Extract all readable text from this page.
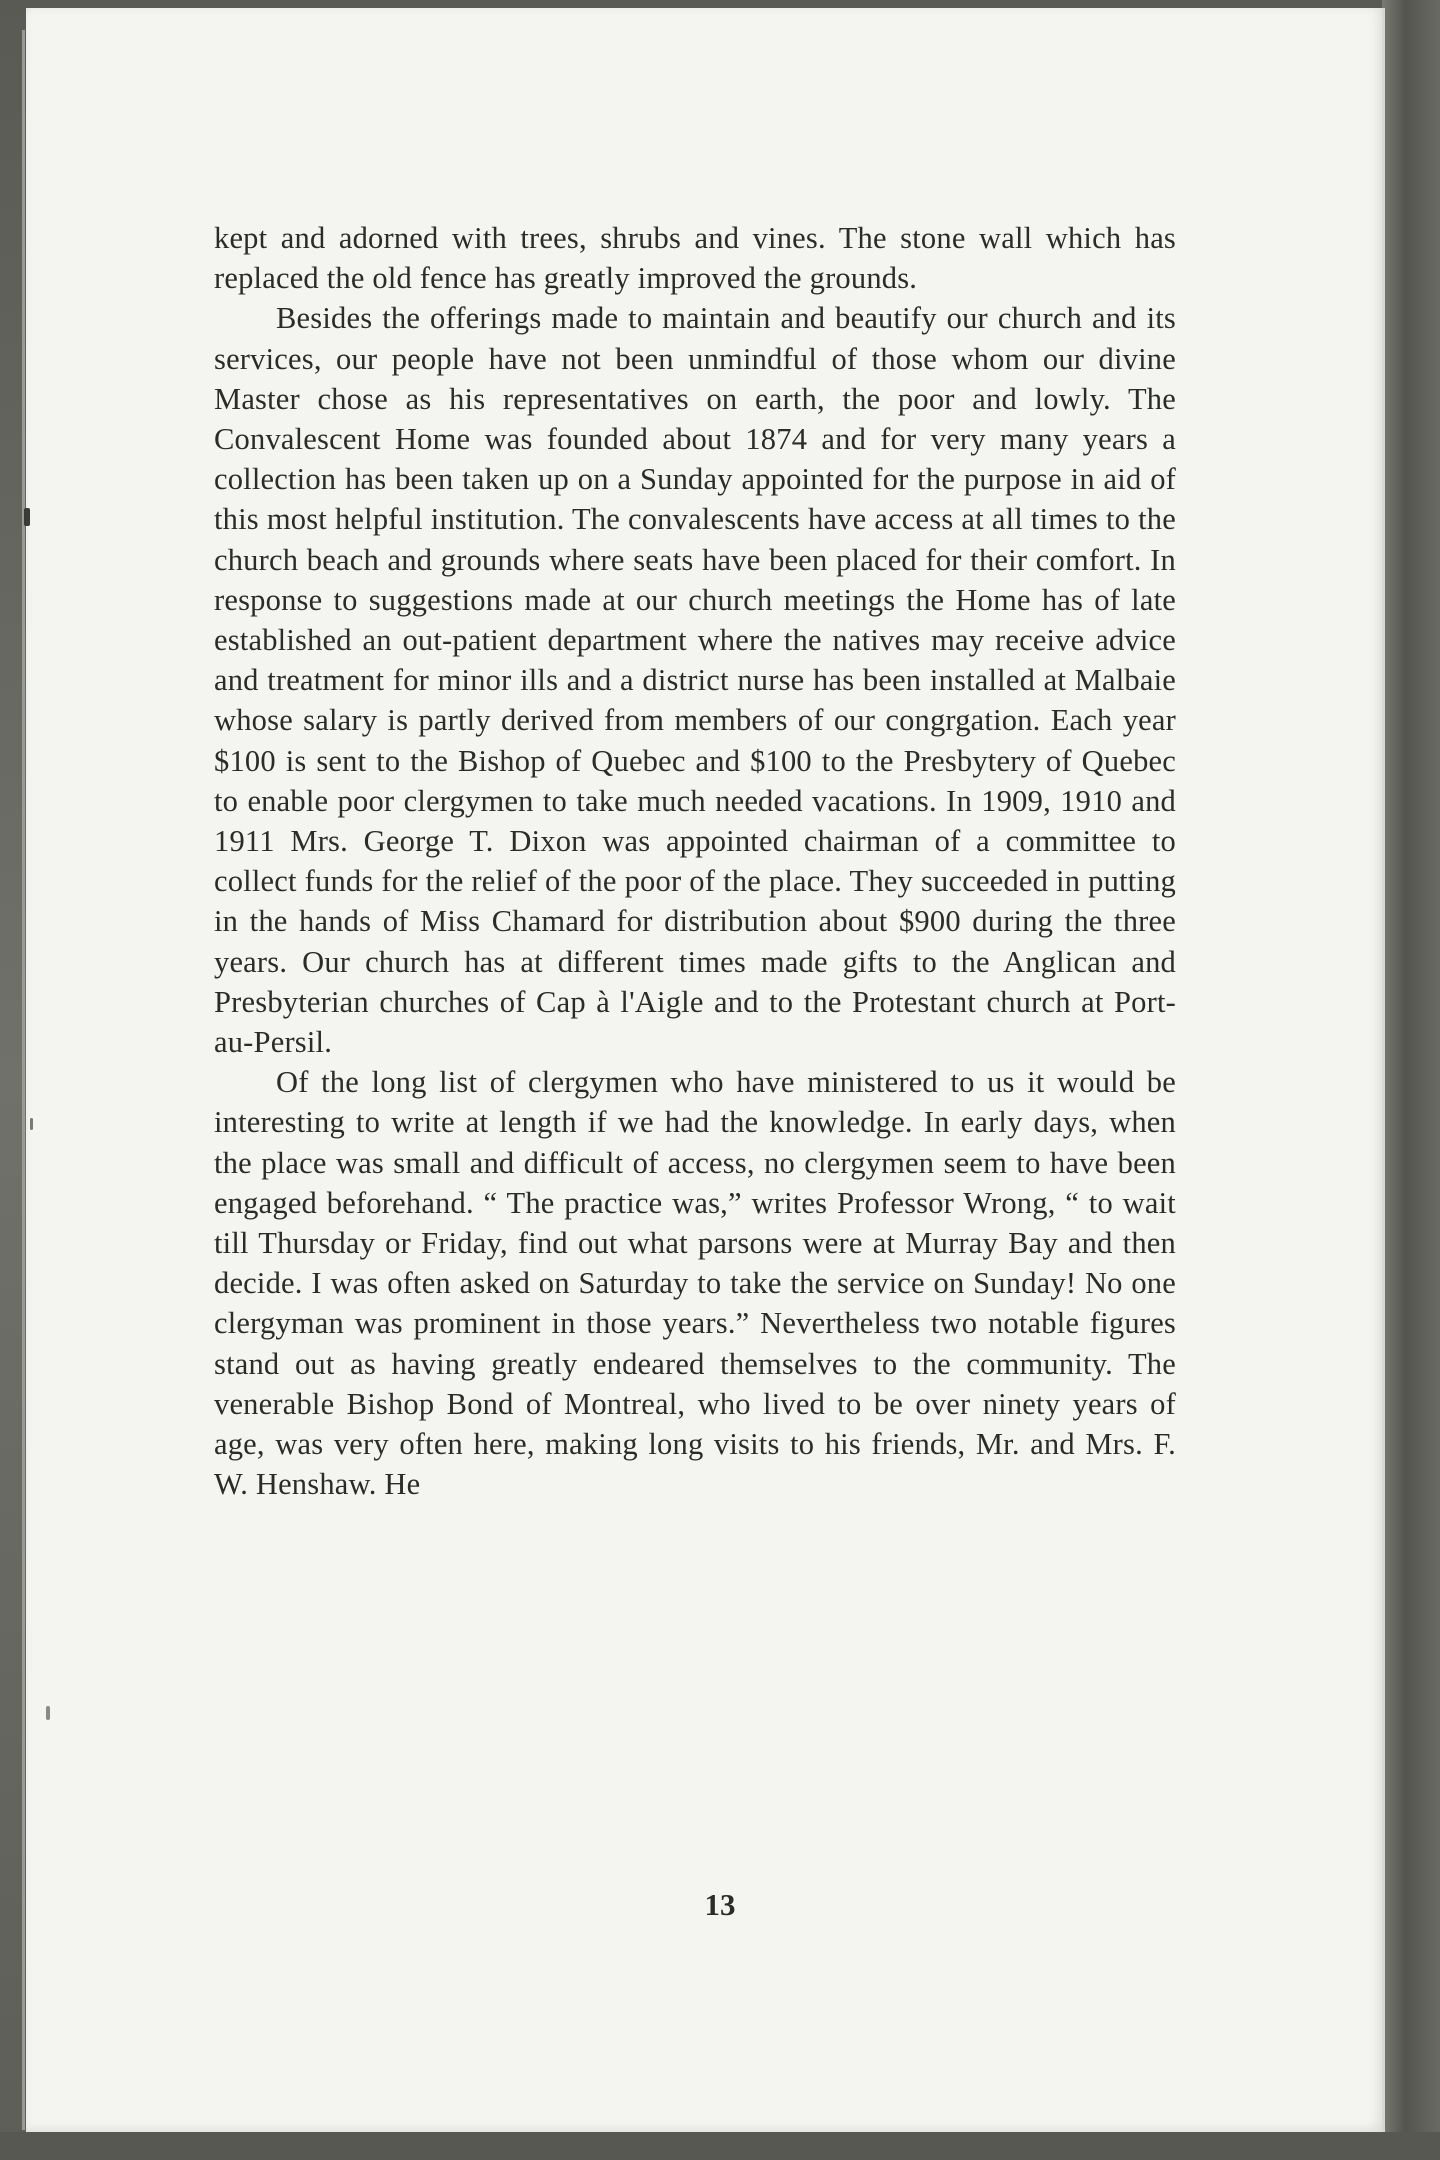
kept and adorned with trees, shrubs and vines. The stone wall which has replaced the old fence has greatly improved the grounds.

Besides the offerings made to maintain and beautify our church and its services, our people have not been unmindful of those whom our divine Master chose as his representatives on earth, the poor and lowly. The Convalescent Home was founded about 1874 and for very many years a collection has been taken up on a Sunday appointed for the purpose in aid of this most helpful institution. The convalescents have access at all times to the church beach and grounds where seats have been placed for their comfort. In response to suggestions made at our church meetings the Home has of late established an out-patient department where the natives may receive advice and treatment for minor ills and a district nurse has been installed at Malbaie whose salary is partly derived from members of our congrgation. Each year $100 is sent to the Bishop of Quebec and $100 to the Presbytery of Quebec to enable poor clergymen to take much needed vacations. In 1909, 1910 and 1911 Mrs. George T. Dixon was appointed chairman of a committee to collect funds for the relief of the poor of the place. They succeeded in putting in the hands of Miss Chamard for distribution about $900 during the three years. Our church has at different times made gifts to the Anglican and Presbyterian churches of Cap à l'Aigle and to the Protestant church at Port-au-Persil.

Of the long list of clergymen who have ministered to us it would be interesting to write at length if we had the knowledge. In early days, when the place was small and difficult of access, no clergymen seem to have been engaged beforehand. “ The practice was,” writes Professor Wrong, “ to wait till Thursday or Friday, find out what parsons were at Murray Bay and then decide. I was often asked on Saturday to take the service on Sunday! No one clergyman was prominent in those years.” Nevertheless two notable figures stand out as having greatly endeared themselves to the community. The venerable Bishop Bond of Montreal, who lived to be over ninety years of age, was very often here, making long visits to his friends, Mr. and Mrs. F. W. Henshaw. He

13
